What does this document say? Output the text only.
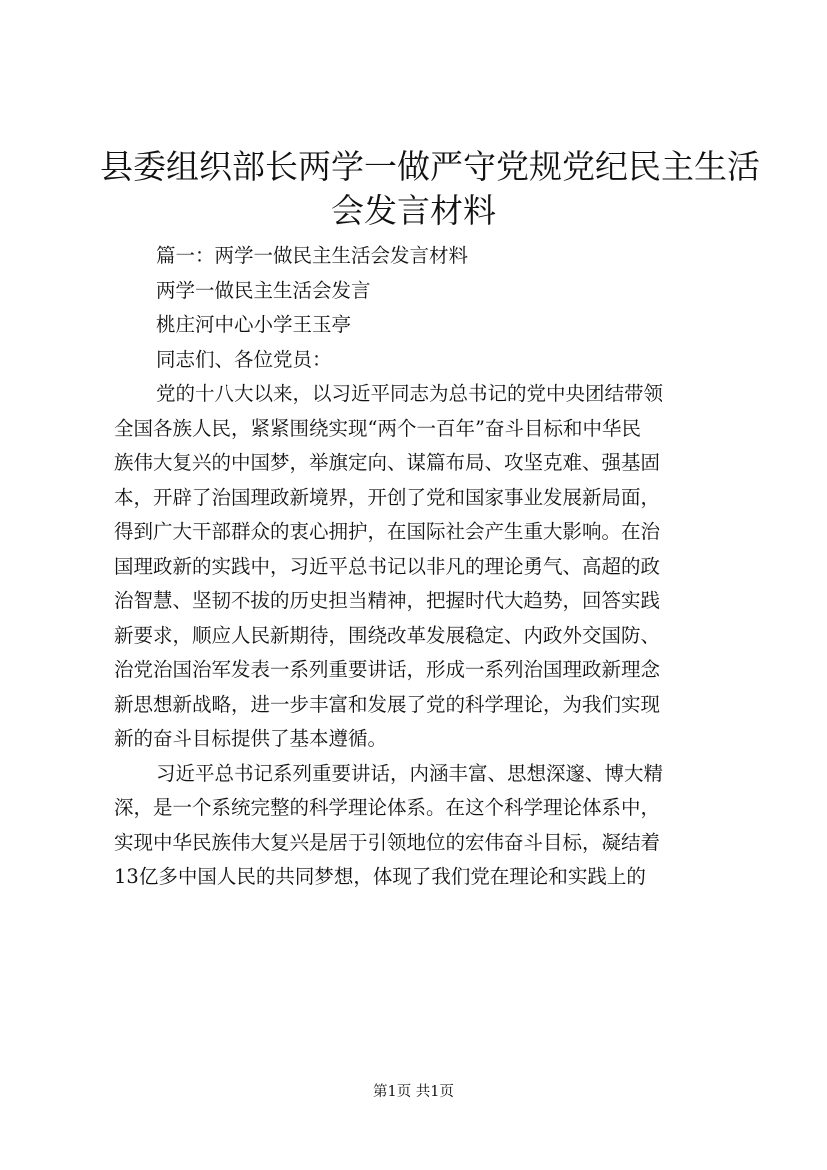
县委组织部长两学一做严守党规党纪民主生活
会发言材料

篇一：两学一做民主生活会发言材料

两学一做民主生活会发言

桃庄河中心小学王玉亭

同志们、各位党员：

党的十八大以来，以习近平同志为总书记的党中央团结带领
全国各族人民，紧紧围绕实现“两个一百年”奋斗目标和中华民
族伟大复兴的中国梦，举旗定向、谋篇布局、攻坚克难、强基固
本，开辟了治国理政新境界，开创了党和国家事业发展新局面，
得到广大干部群众的衷心拥护，在国际社会产生重大影响。在治
国理政新的实践中，习近平总书记以非凡的理论勇气、高超的政
治智慧、坚韧不拔的历史担当精神，把握时代大趋势，回答实践
新要求，顺应人民新期待，围绕改革发展稳定、内政外交国防、
治党治国治军发表一系列重要讲话，形成一系列治国理政新理念
新思想新战略，进一步丰富和发展了党的科学理论，为我们实现
新的奋斗目标提供了基本遵循。

习近平总书记系列重要讲话，内涵丰富、思想深邃、博大精
深，是一个系统完整的科学理论体系。在这个科学理论体系中，
实现中华民族伟大复兴是居于引领地位的宏伟奋斗目标，凝结着
13亿多中国人民的共同梦想，体现了我们党在理论和实践上的

第1页 共1页
